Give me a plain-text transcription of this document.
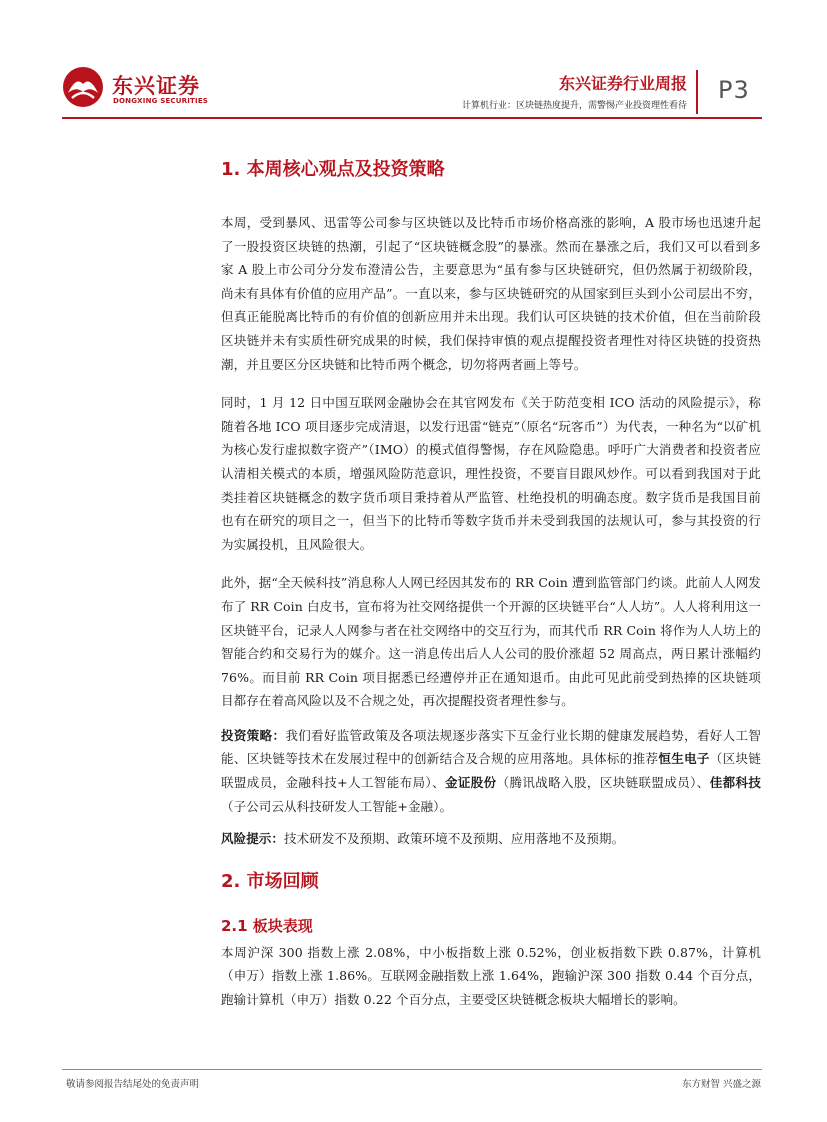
东兴证券
DONGXING SECURITIES
东兴证券行业周报
计算机行业：区块链热度提升，需警惕产业投资理性看待
P3
1. 本周核心观点及投资策略

本周，受到暴风、迅雷等公司参与区块链以及比特币市场价格高涨的影响，A 股市场也迅速升起了一股投资区块链的热潮，引起了“区块链概念股”的暴涨。然而在暴涨之后，我们又可以看到多家 A 股上市公司分分发布澄清公告，主要意思为“虽有参与区块链研究，但仍然属于初级阶段，尚未有具体有价值的应用产品”。一直以来，参与区块链研究的从国家到巨头到小公司层出不穷，但真正能脱离比特币的有价值的创新应用并未出现。我们认可区块链的技术价值，但在当前阶段区块链并未有实质性研究成果的时候，我们保持审慎的观点提醒投资者理性对待区块链的投资热潮，并且要区分区块链和比特币两个概念，切勿将两者画上等号。

同时，1 月 12 日中国互联网金融协会在其官网发布《关于防范变相 ICO 活动的风险提示》，称随着各地 ICO 项目逐步完成清退，以发行迅雷“链克”（原名“玩客币”）为代表，一种名为“以矿机为核心发行虚拟数字资产”（IMO）的模式值得警惕，存在风险隐患。呼吁广大消费者和投资者应认清相关模式的本质，增强风险防范意识，理性投资，不要盲目跟风炒作。可以看到我国对于此类挂着区块链概念的数字货币项目秉持着从严监管、杜绝投机的明确态度。数字货币是我国目前也有在研究的项目之一，但当下的比特币等数字货币并未受到我国的法规认可，参与其投资的行为实属投机，且风险很大。

此外，据“全天候科技”消息称人人网已经因其发布的 RR Coin 遭到监管部门约谈。此前人人网发布了 RR Coin 白皮书，宣布将为社交网络提供一个开源的区块链平台“人人坊”。人人将利用这一区块链平台，记录人人网参与者在社交网络中的交互行为，而其代币 RR Coin 将作为人人坊上的智能合约和交易行为的媒介。这一消息传出后人人公司的股价涨超 52 周高点，两日累计涨幅约 76%。而目前 RR Coin 项目据悉已经遭停并正在通知退币。由此可见此前受到热捧的区块链项目都存在着高风险以及不合规之处，再次提醒投资者理性参与。

投资策略：我们看好监管政策及各项法规逐步落实下互金行业长期的健康发展趋势，看好人工智能、区块链等技术在发展过程中的创新结合及合规的应用落地。具体标的推荐恒生电子（区块链联盟成员，金融科技+人工智能布局）、金证股份（腾讯战略入股，区块链联盟成员）、佳都科技（子公司云从科技研发人工智能+金融）。

风险提示：技术研发不及预期、政策环境不及预期、应用落地不及预期。

2. 市场回顾
2.1 板块表现

本周沪深 300 指数上涨 2.08%，中小板指数上涨 0.52%，创业板指数下跌 0.87%，计算机（申万）指数上涨 1.86%。互联网金融指数上涨 1.64%，跑输沪深 300 指数 0.44 个百分点，跑输计算机（申万）指数 0.22 个百分点，主要受区块链概念板块大幅增长的影响。

敬请参阅报告结尾处的免责声明	东方财智 兴盛之源
